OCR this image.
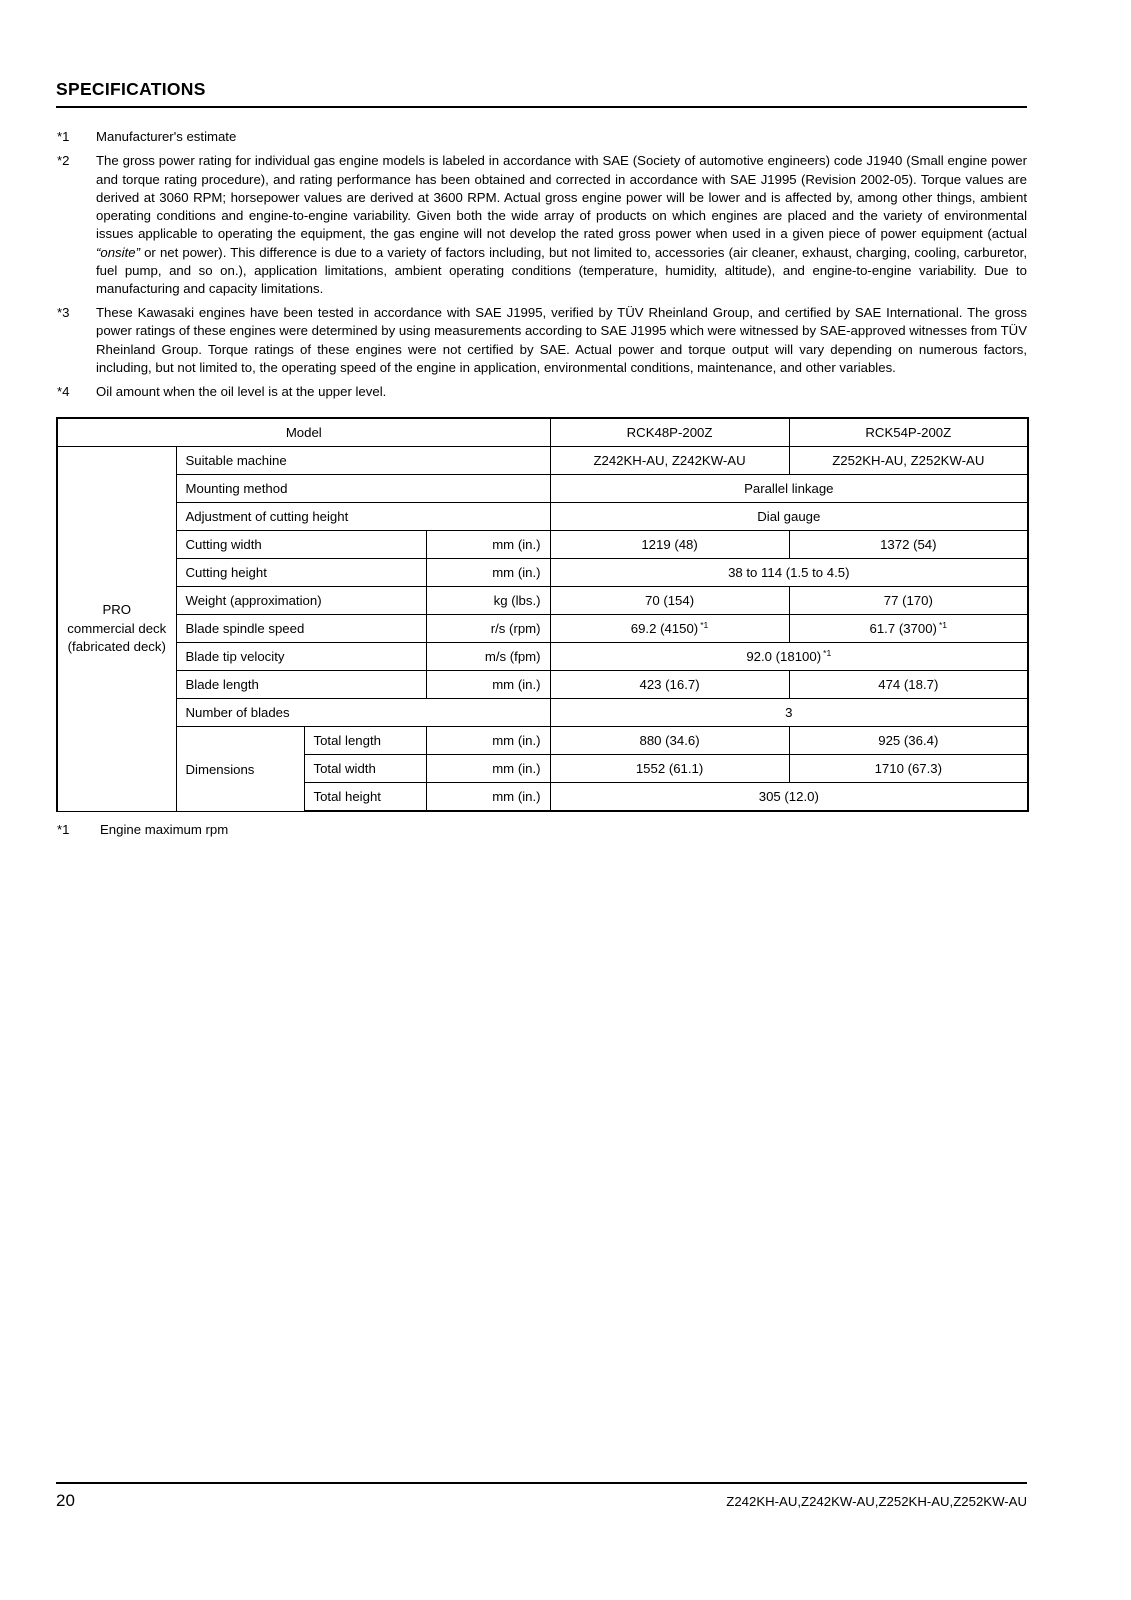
SPECIFICATIONS
*1	Manufacturer's estimate
*2	The gross power rating for individual gas engine models is labeled in accordance with SAE (Society of automotive engineers) code J1940 (Small engine power and torque rating procedure), and rating performance has been obtained and corrected in accordance with SAE J1995 (Revision 2002-05). Torque values are derived at 3060 RPM; horsepower values are derived at 3600 RPM. Actual gross engine power will be lower and is affected by, among other things, ambient operating conditions and engine-to-engine variability. Given both the wide array of products on which engines are placed and the variety of environmental issues applicable to operating the equipment, the gas engine will not develop the rated gross power when used in a given piece of power equipment (actual “onsite” or net power). This difference is due to a variety of factors including, but not limited to, accessories (air cleaner, exhaust, charging, cooling, carburetor, fuel pump, and so on.), application limitations, ambient operating conditions (temperature, humidity, altitude), and engine-to-engine variability. Due to manufacturing and capacity limitations.
*3	These Kawasaki engines have been tested in accordance with SAE J1995, verified by TÜV Rheinland Group, and certified by SAE International. The gross power ratings of these engines were determined by using measurements according to SAE J1995 which were witnessed by SAE-approved witnesses from TÜV Rheinland Group. Torque ratings of these engines were not certified by SAE. Actual power and torque output will vary depending on numerous factors, including, but not limited to, the operating speed of the engine in application, environmental conditions, maintenance, and other variables.
*4	Oil amount when the oil level is at the upper level.
Model				RCK48P-200Z	RCK54P-200Z
PRO commercial deck (fabricated deck)	Suitable machine			Z242KH-AU, Z242KW-AU	Z252KH-AU, Z252KW-AU
	Mounting method			Parallel linkage	
	Adjustment of cutting height			Dial gauge	
	Cutting width		mm (in.)	1219 (48)	1372 (54)
	Cutting height		mm (in.)	38 to 114 (1.5 to 4.5)	
	Weight (approximation)		kg (lbs.)	70 (154)	77 (170)
	Blade spindle speed		r/s (rpm)	69.2 (4150) $^{*1}$	61.7 (3700) $^{*1}$
	Blade tip velocity		m/s (fpm)	92.0 (18100) $^{*1}$
	Blade length		mm (in.)	423 (16.7)	474 (18.7)
	Number of blades			3	
	Dimensions	Total length	mm (in.)	880 (34.6)	925 (36.4)
		Total width	mm (in.)	1552 (61.1)	1710 (67.3)
		Total height	mm (in.)	305 (12.0)	
*1	Engine maximum rpm
20	Z242KH-AU,Z242KW-AU,Z252KH-AU,Z252KW-AU
